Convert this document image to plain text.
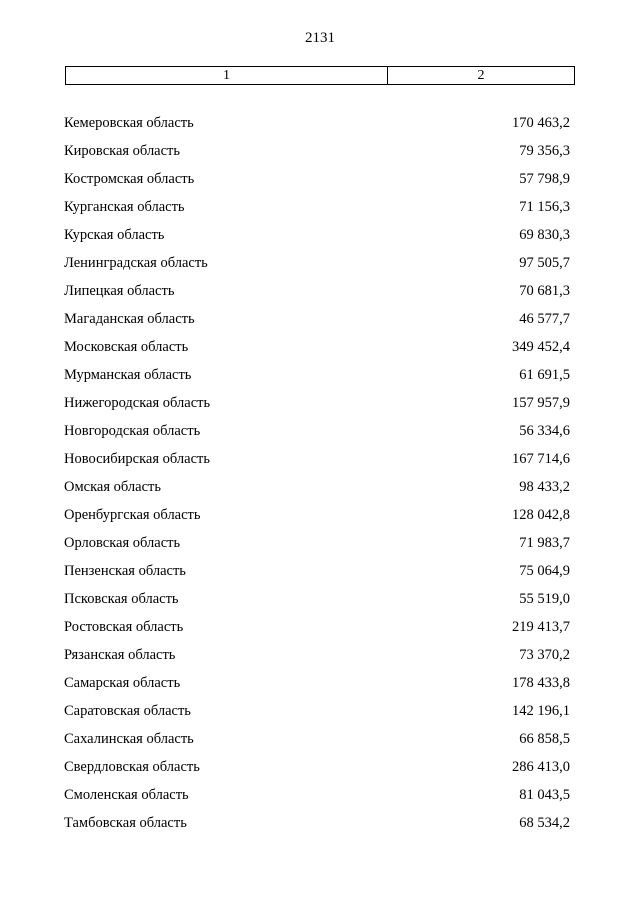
2131
1	2
Кемеровская область	170 463,2
Кировская область	79 356,3
Костромская область	57 798,9
Курганская область	71 156,3
Курская область	69 830,3
Ленинградская область	97 505,7
Липецкая область	70 681,3
Магаданская область	46 577,7
Московская область	349 452,4
Мурманская область	61 691,5
Нижегородская область	157 957,9
Новгородская область	56 334,6
Новосибирская область	167 714,6
Омская область	98 433,2
Оренбургская область	128 042,8
Орловская область	71 983,7
Пензенская область	75 064,9
Псковская область	55 519,0
Ростовская область	219 413,7
Рязанская область	73 370,2
Самарская область	178 433,8
Саратовская область	142 196,1
Сахалинская область	66 858,5
Свердловская область	286 413,0
Смоленская область	81 043,5
Тамбовская область	68 534,2
